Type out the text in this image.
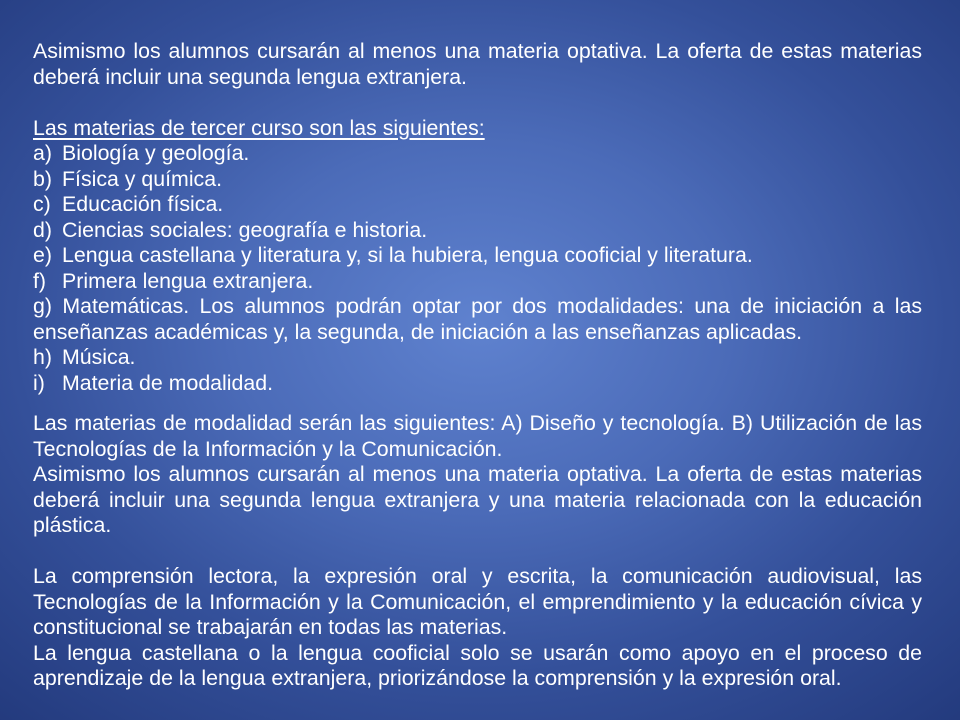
Asimismo los alumnos cursarán al menos una materia optativa. La oferta de estas materias
deberá incluir una segunda lengua extranjera.
Las materias de tercer curso son las siguientes:
a) Biología y geología.
b) Física y química.
c) Educación física.
d) Ciencias sociales: geografía e historia.
e) Lengua castellana y literatura y, si la hubiera, lengua cooficial y literatura.
f) Primera lengua extranjera.
g) Matemáticas. Los alumnos podrán optar por dos modalidades: una de iniciación a las
enseñanzas académicas y, la segunda, de iniciación a las enseñanzas aplicadas.
h) Música.
i) Materia de modalidad.
Las materias de modalidad serán las siguientes: A) Diseño y tecnología. B) Utilización de las
Tecnologías de la Información y la Comunicación.
Asimismo los alumnos cursarán al menos una materia optativa. La oferta de estas materias
deberá incluir una segunda lengua extranjera y una materia relacionada con la educación
plástica.
La comprensión lectora, la expresión oral y escrita, la comunicación audiovisual, las
Tecnologías de la Información y la Comunicación, el emprendimiento y la educación cívica y
constitucional se trabajarán en todas las materias.
La lengua castellana o la lengua cooficial solo se usarán como apoyo en el proceso de
aprendizaje de la lengua extranjera, priorizándose la comprensión y la expresión oral.
